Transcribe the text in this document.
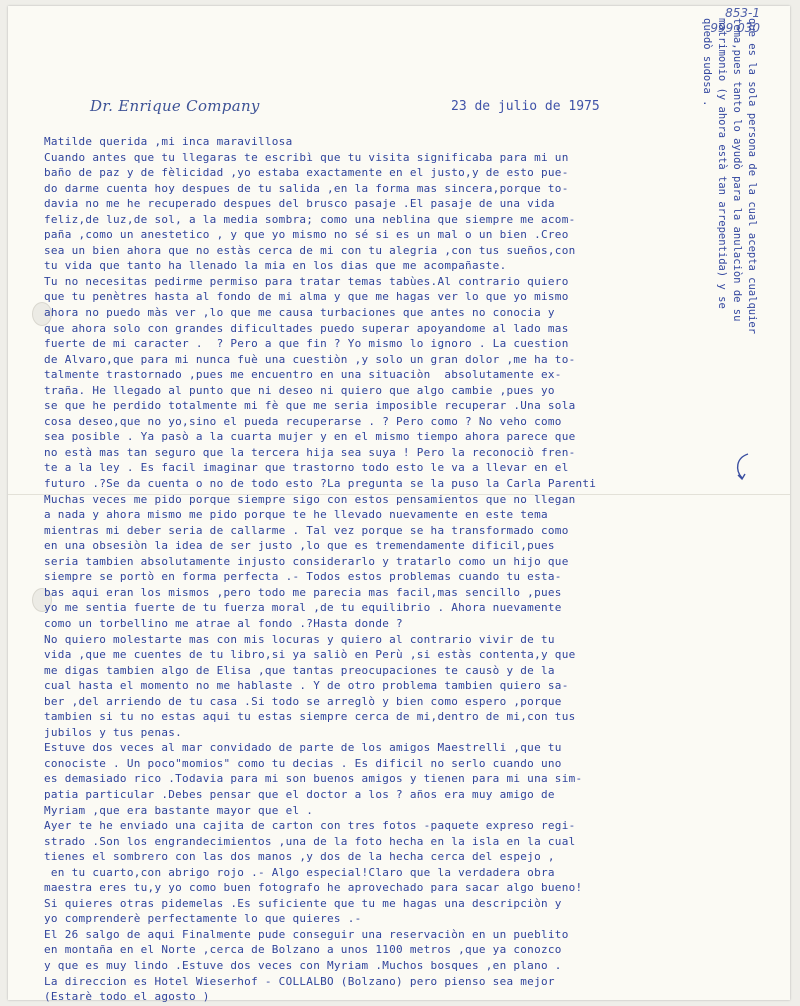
853-1
999 030
Dr. Enrique Company	23 de julio de 1975
Matilde querida ,mi inca maravillosa
Cuando antes que tu llegaras te escribì que tu visita significaba para mi un
baño de paz y de fèlicidad ,yo estaba exactamente en el justo,y de esto pue-
do darme cuenta hoy despues de tu salida ,en la forma mas sincera,porque to-
davia no me he recuperado despues del brusco pasaje .El pasaje de una vida
feliz,de luz,de sol, a la media sombra; como una neblina que siempre me acom-
paña ,como un anestetico , y que yo mismo no sé si es un mal o un bien .Creo
sea un bien ahora que no estàs cerca de mi con tu alegria ,con tus sueños,con
tu vida que tanto ha llenado la mia en los dias que me acompañaste.
Tu no necesitas pedirme permiso para tratar temas tabùes.Al contrario quiero
que tu penètres hasta al fondo de mi alma y que me hagas ver lo que yo mismo
ahora no puedo màs ver ,lo que me causa turbaciones que antes no conocia y
que ahora solo con grandes dificultades puedo superar apoyandome al lado mas
fuerte de mi caracter .  ? Pero a que fin ? Yo mismo lo ignoro . La cuestion
de Alvaro,que para mi nunca fuè una cuestiòn ,y solo un gran dolor ,me ha to-
talmente trastornado ,pues me encuentro en una situaciòn  absolutamente ex-
traña. He llegado al punto que ni deseo ni quiero que algo cambie ,pues yo
se que he perdido totalmente mi fè que me seria imposible recuperar .Una sola
cosa deseo,que no yo,sino el pueda recuperarse . ? Pero como ? No veho como
sea posible . Ya pasò a la cuarta mujer y en el mismo tiempo ahora parece que
no està mas tan seguro que la tercera hija sea suya ! Pero la reconociò fren-
te a la ley . Es facil imaginar que trastorno todo esto le va a llevar en el
futuro .?Se da cuenta o no de todo esto ?La pregunta se la puso la Carla Parenti
Muchas veces me pido porque siempre sigo con estos pensamientos que no llegan
a nada y ahora mismo me pido porque te he llevado nuevamente en este tema
mientras mi deber seria de callarme . Tal vez porque se ha transformado como
en una obsesiòn la idea de ser justo ,lo que es tremendamente dificil,pues
seria tambien absolutamente injusto considerarlo y tratarlo como un hijo que
siempre se portò en forma perfecta .- Todos estos problemas cuando tu esta-
bas aqui eran los mismos ,pero todo me parecia mas facil,mas sencillo ,pues
yo me sentia fuerte de tu fuerza moral ,de tu equilibrio . Ahora nuevamente
como un torbellino me atrae al fondo .?Hasta donde ?
No quiero molestarte mas con mis locuras y quiero al contrario vivir de tu
vida ,que me cuentes de tu libro,si ya saliò en Perù ,si estàs contenta,y que
me digas tambien algo de Elisa ,que tantas preocupaciones te causò y de la
cual hasta el momento no me hablaste . Y de otro problema tambien quiero sa-
ber ,del arriendo de tu casa .Si todo se arreglò y bien como espero ,porque
tambien si tu no estas aqui tu estas siempre cerca de mi,dentro de mi,con tus
jubilos y tus penas.
Estuve dos veces al mar convidado de parte de los amigos Maestrelli ,que tu
conociste . Un poco"momios" como tu decias . Es dificil no serlo cuando uno
es demasiado rico .Todavia para mi son buenos amigos y tienen para mi una sim-
patia particular .Debes pensar que el doctor a los ? años era muy amigo de
Myriam ,que era bastante mayor que el .
Ayer te he enviado una cajita de carton con tres fotos -paquete expreso regi-
strado .Son los engrandecimientos ,una de la foto hecha en la isla en la cual
tienes el sombrero con las dos manos ,y dos de la hecha cerca del espejo ,
en tu cuarto,con abrigo rojo .- Algo especial!Claro que la verdadera obra
maestra eres tu,y yo como buen fotografo he aprovechado para sacar algo bueno!
Si quieres otras pidemelas .Es suficiente que tu me hagas una descripciòn y
yo comprenderè perfectamente lo que quieres .-
El 26 salgo de aqui Finalmente pude conseguir una reservaciòn en un pueblito
en montaña en el Norte ,cerca de Bolzano a unos 1100 metros ,que ya conozco
y que es muy lindo .Estuve dos veces con Myriam .Muchos bosques ,en plano .
La direccion es Hotel Wieserhof - COLLALBO (Bolzano) pero pienso sea mejor
(Estarè todo el agosto )
que es la sola persona de la cual acepta cualquier
tema,pues tanto lo ayudò para la anulaciòn de su
matrimonio (y ahora està tan arrepentida) y se
quedò sudosa .
